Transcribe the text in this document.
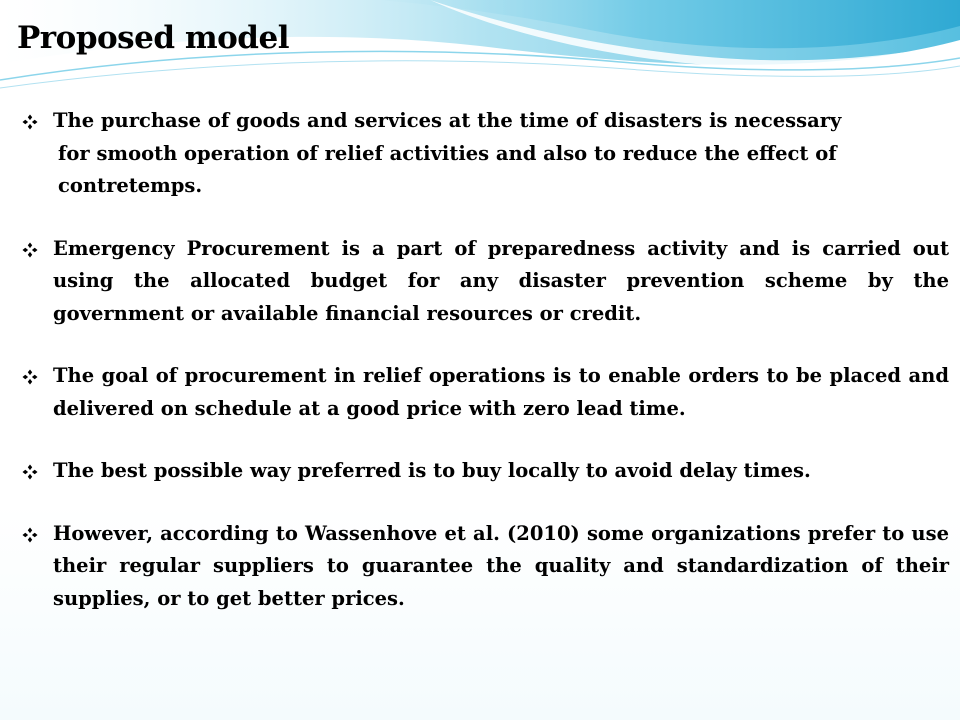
Proposed model
The purchase of goods and services at the time of disasters is necessary
for smooth operation of relief activities and also to reduce the effect of
contretemps.
Emergency Procurement is a part of preparedness activity and is carried out using the allocated budget for any disaster prevention scheme by the government or available financial resources or credit.
The goal of procurement in relief operations is to enable orders to be placed and delivered on schedule at a good price with zero lead time.
The best possible way preferred is to buy locally to avoid delay times.
However, according to Wassenhove et al. (2010) some organizations prefer to use their regular suppliers to guarantee the quality and standardization of their supplies, or to get better prices.
